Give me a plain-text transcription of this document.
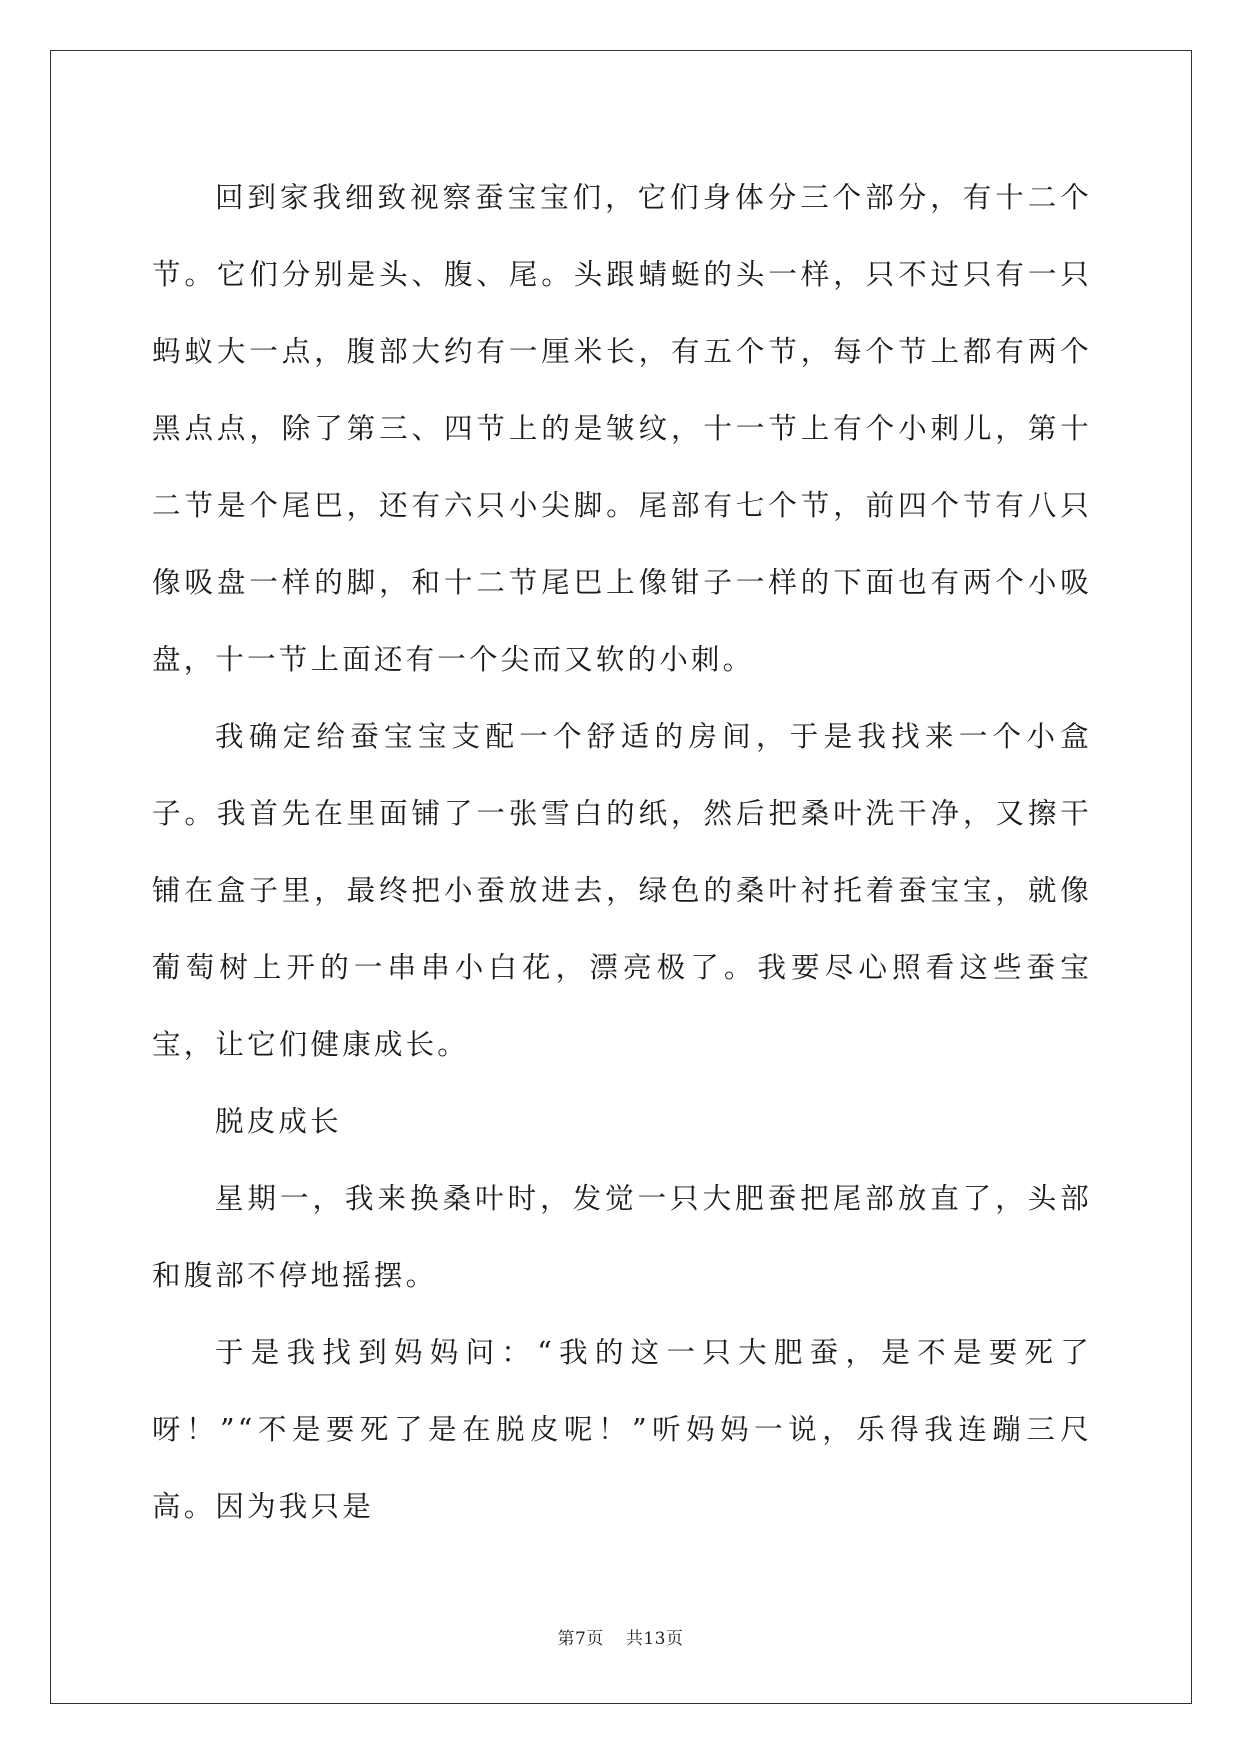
回到家我细致视察蚕宝宝们，它们身体分三个部分，有十二个节。它们分别是头、腹、尾。头跟蜻蜓的头一样，只不过只有一只蚂蚁大一点，腹部大约有一厘米长，有五个节，每个节上都有两个黑点点，除了第三、四节上的是皱纹，十一节上有个小刺儿，第十二节是个尾巴，还有六只小尖脚。尾部有七个节，前四个节有八只像吸盘一样的脚，和十二节尾巴上像钳子一样的下面也有两个小吸盘，十一节上面还有一个尖而又软的小刺。

我确定给蚕宝宝支配一个舒适的房间，于是我找来一个小盒子。我首先在里面铺了一张雪白的纸，然后把桑叶洗干净，又擦干铺在盒子里，最终把小蚕放进去，绿色的桑叶衬托着蚕宝宝，就像葡萄树上开的一串串小白花，漂亮极了。我要尽心照看这些蚕宝宝，让它们健康成长。

脱皮成长

星期一，我来换桑叶时，发觉一只大肥蚕把尾部放直了，头部和腹部不停地摇摆。

于是我找到妈妈问：“我的这一只大肥蚕，是不是要死了呀！”“不是要死了是在脱皮呢！”听妈妈一说，乐得我连蹦三尺高。因为我只是

第7页 共13页
